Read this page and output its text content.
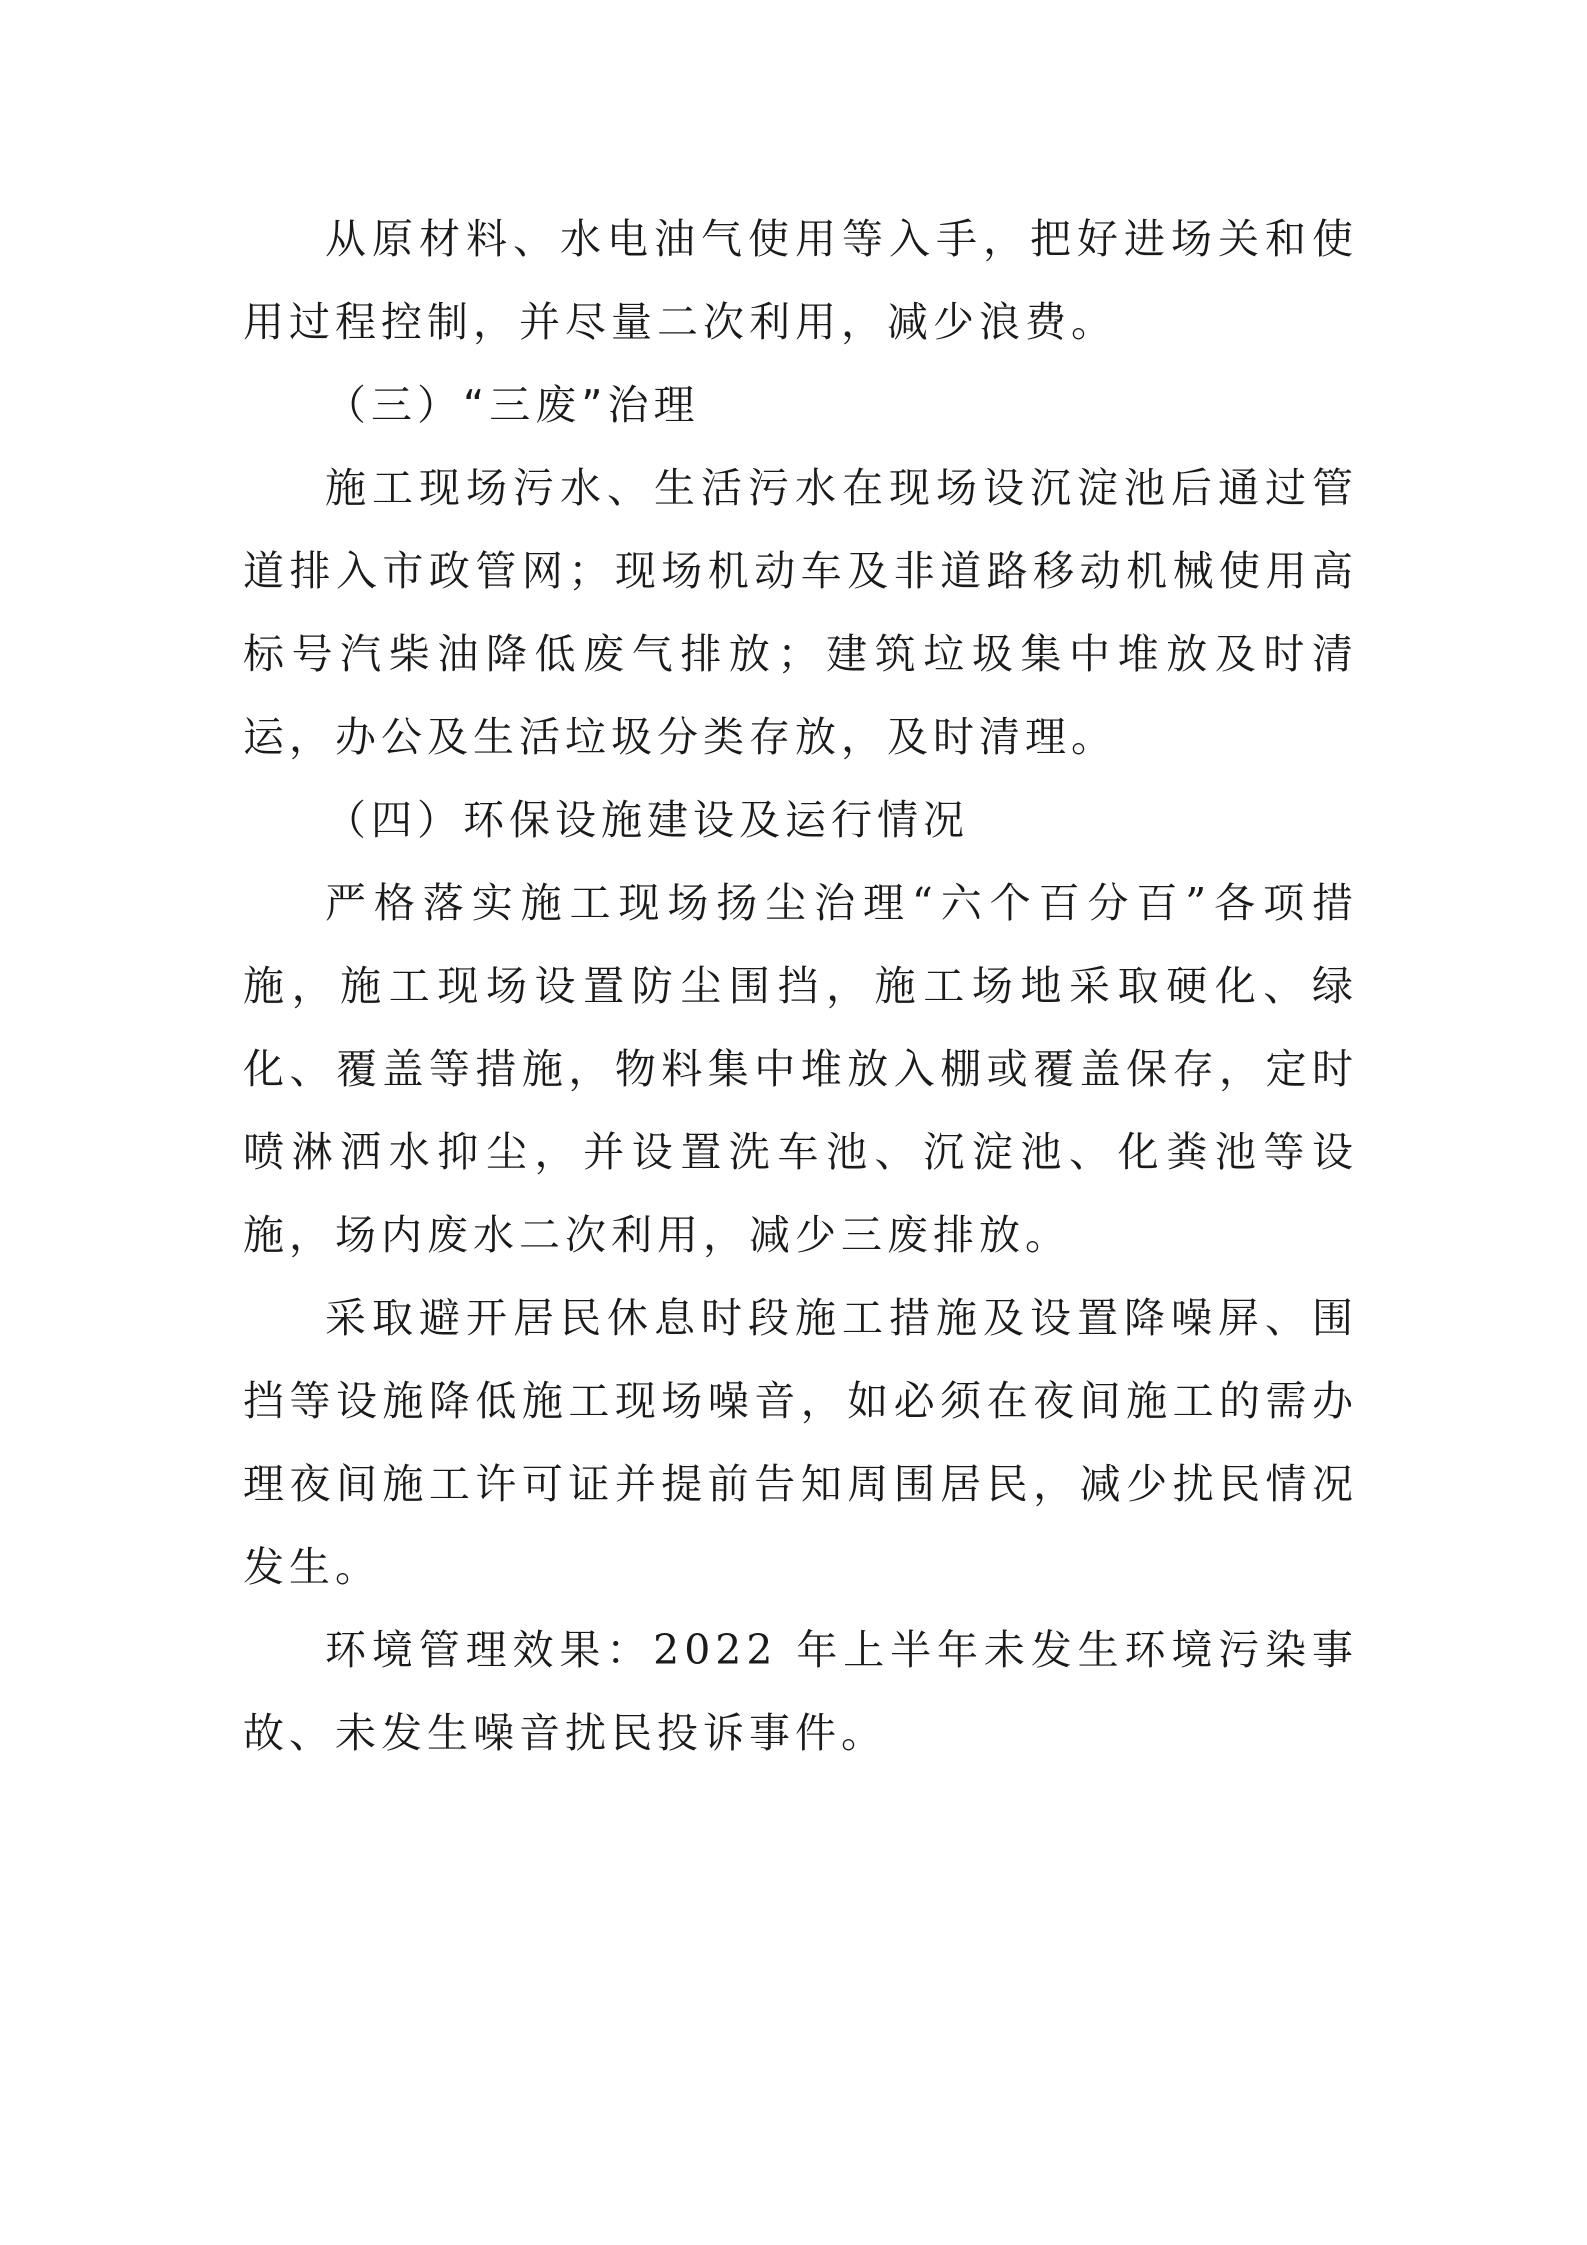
从原材料、水电油气使用等入手，把好进场关和使用过程控制，并尽量二次利用，减少浪费。

（三）“三废”治理

施工现场污水、生活污水在现场设沉淀池后通过管道排入市政管网；现场机动车及非道路移动机械使用高标号汽柴油降低废气排放；建筑垃圾集中堆放及时清运，办公及生活垃圾分类存放，及时清理。

（四）环保设施建设及运行情况

严格落实施工现场扬尘治理“六个百分百”各项措施，施工现场设置防尘围挡，施工场地采取硬化、绿化、覆盖等措施，物料集中堆放入棚或覆盖保存，定时喷淋洒水抑尘，并设置洗车池、沉淀池、化粪池等设施，场内废水二次利用，减少三废排放。

采取避开居民休息时段施工措施及设置降噪屏、围挡等设施降低施工现场噪音，如必须在夜间施工的需办理夜间施工许可证并提前告知周围居民，减少扰民情况发生。

环境管理效果：2022 年上半年未发生环境污染事故、未发生噪音扰民投诉事件。
